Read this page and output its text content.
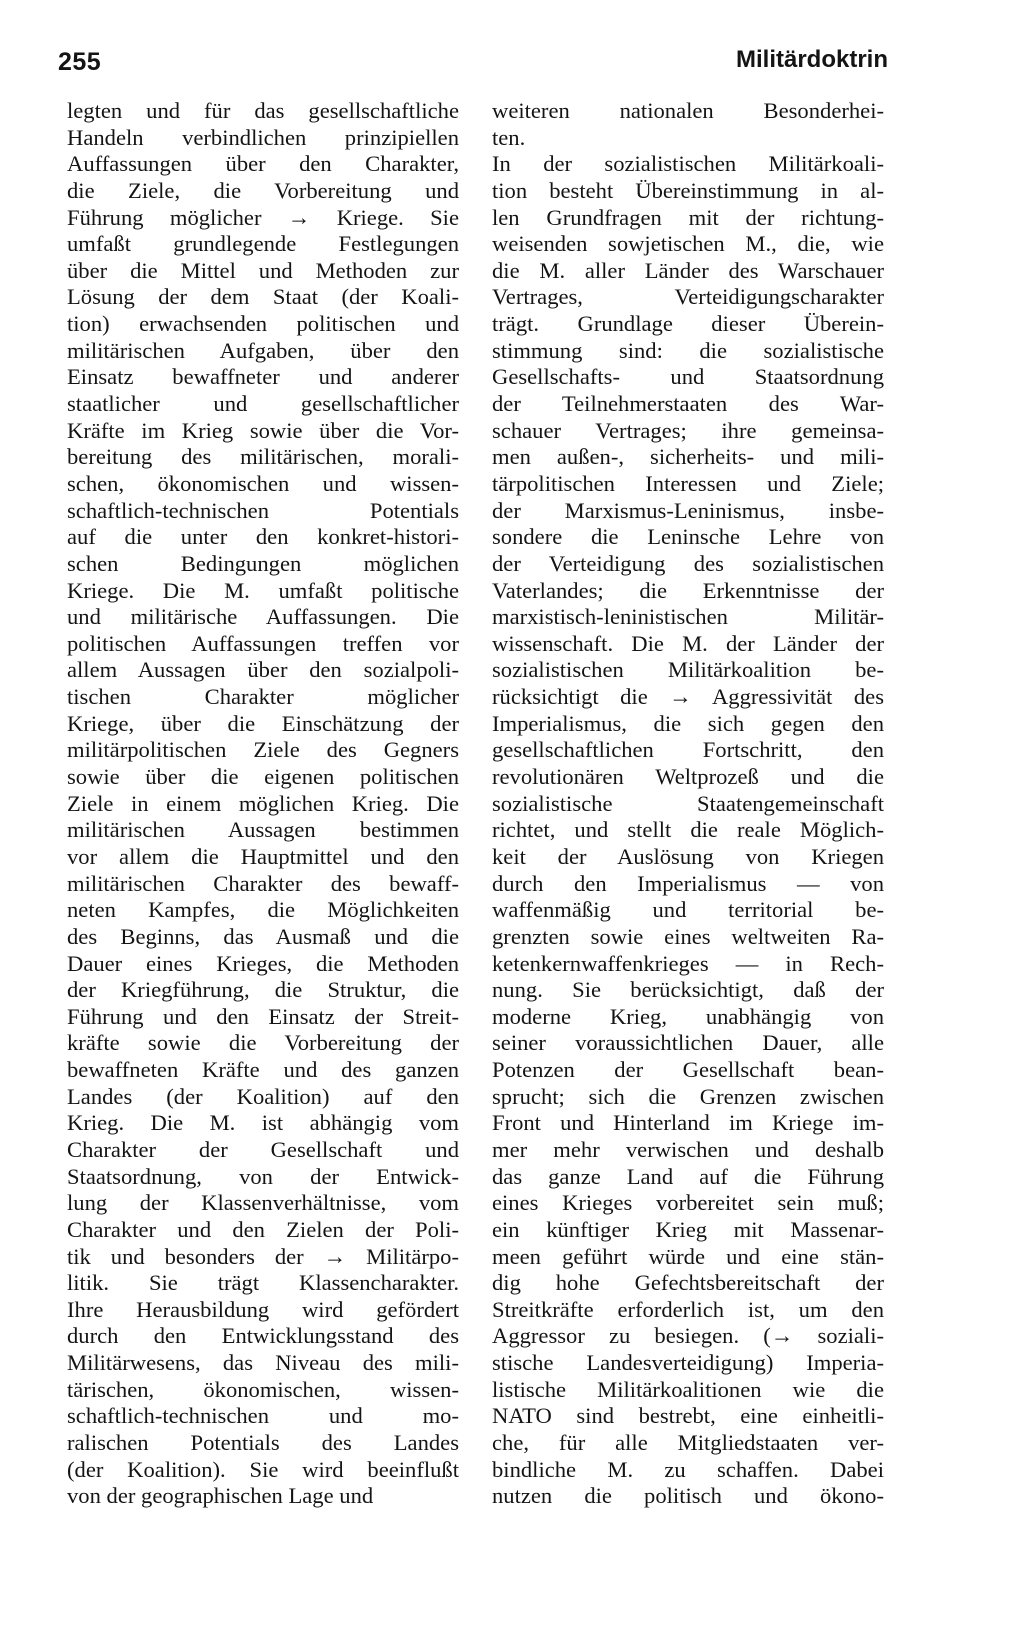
255	Militärdoktrin
legten und für das gesellschaftliche
Handeln verbindlichen prinzipiellen
Auffassungen über den Charakter,
die Ziele, die Vorbereitung und
Führung möglicher → Kriege. Sie
umfaßt grundlegende Festlegungen
über die Mittel und Methoden zur
Lösung der dem Staat (der Koali-
tion) erwachsenden politischen und
militärischen Aufgaben, über den
Einsatz bewaffneter und anderer
staatlicher und gesellschaftlicher
Kräfte im Krieg sowie über die Vor-
bereitung des militärischen, morali-
schen, ökonomischen und wissen-
schaftlich-technischen Potentials
auf die unter den konkret-histori-
schen Bedingungen möglichen
Kriege. Die M. umfaßt politische
und militärische Auffassungen. Die
politischen Auffassungen treffen vor
allem Aussagen über den sozialpoli-
tischen Charakter möglicher
Kriege, über die Einschätzung der
militärpolitischen Ziele des Gegners
sowie über die eigenen politischen
Ziele in einem möglichen Krieg. Die
militärischen Aussagen bestimmen
vor allem die Hauptmittel und den
militärischen Charakter des bewaff-
neten Kampfes, die Möglichkeiten
des Beginns, das Ausmaß und die
Dauer eines Krieges, die Methoden
der Kriegführung, die Struktur, die
Führung und den Einsatz der Streit-
kräfte sowie die Vorbereitung der
bewaffneten Kräfte und des ganzen
Landes (der Koalition) auf den
Krieg. Die M. ist abhängig vom
Charakter der Gesellschaft und
Staatsordnung, von der Entwick-
lung der Klassenverhältnisse, vom
Charakter und den Zielen der Poli-
tik und besonders der → Militärpo-
litik. Sie trägt Klassencharakter.
Ihre Herausbildung wird gefördert
durch den Entwicklungsstand des
Militärwesens, das Niveau des mili-
tärischen, ökonomischen, wissen-
schaftlich-technischen und mo-
ralischen Potentials des Landes
(der Koalition). Sie wird beeinflußt
von der geographischen Lage und
weiteren nationalen Besonderhei-
ten.
In der sozialistischen Militärkoali-
tion besteht Übereinstimmung in al-
len Grundfragen mit der richtung-
weisenden sowjetischen M., die, wie
die M. aller Länder des Warschauer
Vertrages, Verteidigungscharakter
trägt. Grundlage dieser Überein-
stimmung sind: die sozialistische
Gesellschafts- und Staatsordnung
der Teilnehmerstaaten des War-
schauer Vertrages; ihre gemeinsa-
men außen-, sicherheits- und mili-
tärpolitischen Interessen und Ziele;
der Marxismus-Leninismus, insbe-
sondere die Leninsche Lehre von
der Verteidigung des sozialistischen
Vaterlandes; die Erkenntnisse der
marxistisch-leninistischen Militär-
wissenschaft. Die M. der Länder der
sozialistischen Militärkoalition be-
rücksichtigt die → Aggressivität des
Imperialismus, die sich gegen den
gesellschaftlichen Fortschritt, den
revolutionären Weltprozeß und die
sozialistische Staatengemeinschaft
richtet, und stellt die reale Möglich-
keit der Auslösung von Kriegen
durch den Imperialismus — von
waffenmäßig und territorial be-
grenzten sowie eines weltweiten Ra-
ketenkernwaffenkrieges — in Rech-
nung. Sie berücksichtigt, daß der
moderne Krieg, unabhängig von
seiner voraussichtlichen Dauer, alle
Potenzen der Gesellschaft bean-
sprucht; sich die Grenzen zwischen
Front und Hinterland im Kriege im-
mer mehr verwischen und deshalb
das ganze Land auf die Führung
eines Krieges vorbereitet sein muß;
ein künftiger Krieg mit Massenar-
meen geführt würde und eine stän-
dig hohe Gefechtsbereitschaft der
Streitkräfte erforderlich ist, um den
Aggressor zu besiegen. (→ soziali-
stische Landesverteidigung) Imperia-
listische Militärkoalitionen wie die
NATO sind bestrebt, eine einheitli-
che, für alle Mitgliedstaaten ver-
bindliche M. zu schaffen. Dabei
nutzen die politisch und ökono-
